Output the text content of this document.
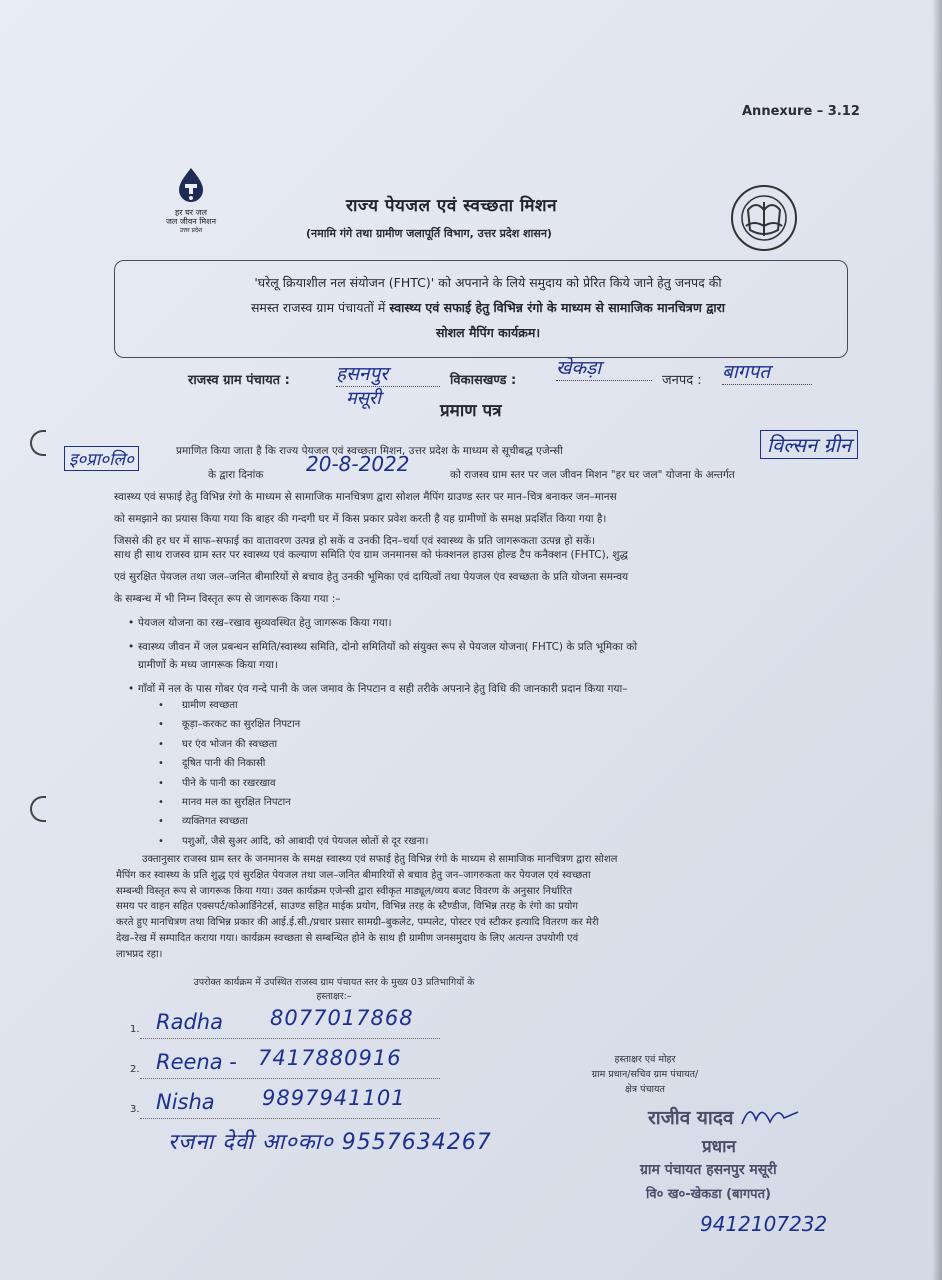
Annexure – 3.12
हर घर जल
जल जीवन मिशन
उत्तर प्रदेश
राज्य पेयजल एवं स्वच्छता मिशन
(नमामि गंगे तथा ग्रामीण जलापूर्ति विभाग, उत्तर प्रदेश शासन)
'घरेलू क्रियाशील नल संयोजन (FHTC)' को अपनाने के लिये समुदाय को प्रेरित किये जाने हेतु जनपद की
समस्त राजस्व ग्राम पंचायतों में स्वास्थ्य एवं सफाई हेतु विभिन्न रंगो के माध्यम से सामाजिक मानचित्रण द्वारा
सोशल मैपिंग कार्यक्रम।
राजस्व ग्राम पंचायत : हसनपुर
मसूरी
विकासखण्ड :
खेकड़ा
जनपद : बागपत
प्रमाण पत्र
इ०प्रा०लि०	प्रमाणित किया जाता है कि राज्य पेयजल एवं स्वच्छता मिशन, उत्तर प्रदेश के माध्यम से सूचीबद्ध एजेन्सी	विल्सन ग्रीन
के द्वारा दिनांक 20-8-2022	को राजस्व ग्राम स्तर पर जल जीवन मिशन "हर घर जल" योजना के अन्तर्गत
स्वास्थ्य एवं सफाई हेतु विभिन्न रंगो के माध्यम से सामाजिक मानचित्रण द्वारा सोशल मैपिंग ग्राउण्ड स्तर पर मान–चित्र बनाकर जन–मानस
को समझाने का प्रयास किया गया कि बाहर की गन्दगी घर में किस प्रकार प्रवेश करती है यह ग्रामीणों के समक्ष प्रदर्शित किया गया है।
जिससे की हर घर में साफ–सफाई का वातावरण उत्पन्न हो सकें व उनकी दिन–चर्या एवं स्वास्थ्य के प्रति जागरूकता उत्पन्न हो सकें।
साथ ही साथ राजस्व ग्राम स्तर पर स्वास्थ्य एवं कल्याण समिति एंव ग्राम जनमानस को फंक्शनल हाउस होल्ड टैप कनैक्शन (FHTC), शुद्ध
एवं सुरक्षित पेयजल तथा जल–जनित बीमारियों से बचाव हेतु उनकी भूमिका एवं दायित्वों तथा पेयजल एंव स्वच्छता के प्रति योजना समन्वय
के सम्बन्ध में भी निम्न विस्तृत रूप से जागरूक किया गया :–
• पेयजल योजना का रख–रखाव सुव्यवस्थित हेतु जागरूक किया गया।
• स्वास्थ्य जीवन में जल प्रबन्धन समिति/स्वास्थ्य समिति, दोनो समितियों को संयुक्त रूप से पेयजल योजना( FHTC) के प्रति भूमिका को
ग्रामीणों के मध्य जागरूक किया गया।
• गाँवों में नल के पास गोबर एंव गन्दे पानी के जल जमाव के निपटान व सही तरीके अपनाने हेतु विधि की जानकारी प्रदान किया गया–
• ग्रामीण स्वच्छता
• कूड़ा–करकट का सुरक्षित निपटान
• घर एंव भोजन की स्वच्छता
• दूषित पानी की निकासी
• पीने के पानी का रखरखाव
• मानव मल का सुरक्षित निपटान
• व्यक्तिगत स्वच्छता
• पशुओं, जैसे सुअर आदि, को आबादी एवं पेयजल स्रोतों से दूर रखना।
उक्तानुसार राजस्व ग्राम स्तर के जनमानस के समक्ष स्वास्थ्य एवं सफाई हेतु विभिन्न रंगो के माध्यम से सामाजिक मानचित्रण द्वारा सोशल
मैपिंग कर स्वास्थ्य के प्रति शुद्ध एवं सुरक्षित पेयजल तथा जल–जनित बीमारियों से बचाव हेतु जन–जागरुकता कर पेयजल एवं स्वच्छता
सम्बन्धी विस्तृत रूप से जागरूक किया गया। उक्त कार्यक्रम एजेन्सी द्वारा स्वीकृत माड्यूल/व्यय बजट विवरण के अनुसार निर्धारित
समय पर वाहन सहित एक्सपर्ट/कोआर्डिनेटर्स, साउण्ड सहित माईक प्रयोग, विभिन्न तरह के स्टैण्डीज, विभिन्न तरह के रंगो का प्रयोग
करते हुए मानचित्रण तथा विभिन्न प्रकार की आई.ई.सी./प्रचार प्रसार सामग्री–बुकलेट, पम्पलेट, पोस्टर एवं स्टीकर इत्यादि वितरण कर मेरी
देख–रेख में सम्पादित कराया गया। कार्यक्रम स्वच्छता से सम्बन्धित होने के साथ ही ग्रामीण जनसमुदाय के लिए अत्यन्त उपयोगी एवं
लाभप्रद रहा।
उपरोक्त कार्यक्रम में उपस्थित राजस्व ग्राम पंचायत स्तर के मुख्य 03 प्रतिभागियों के
हस्ताक्षर:–
1. Radha 8077017868
2. Reena - 7417880916
3. Nisha 9897941101
रजना देवी आ०का० 9557634267
हस्ताक्षर एवं मोहर
ग्राम प्रधान/सचिव ग्राम पंचायत/
क्षेत्र पंचायत
राजीव यादव
प्रधान
ग्राम पंचायत हसनपुर मसूरी
वि० ख०-खेकडा (बागपत)
9412107232
